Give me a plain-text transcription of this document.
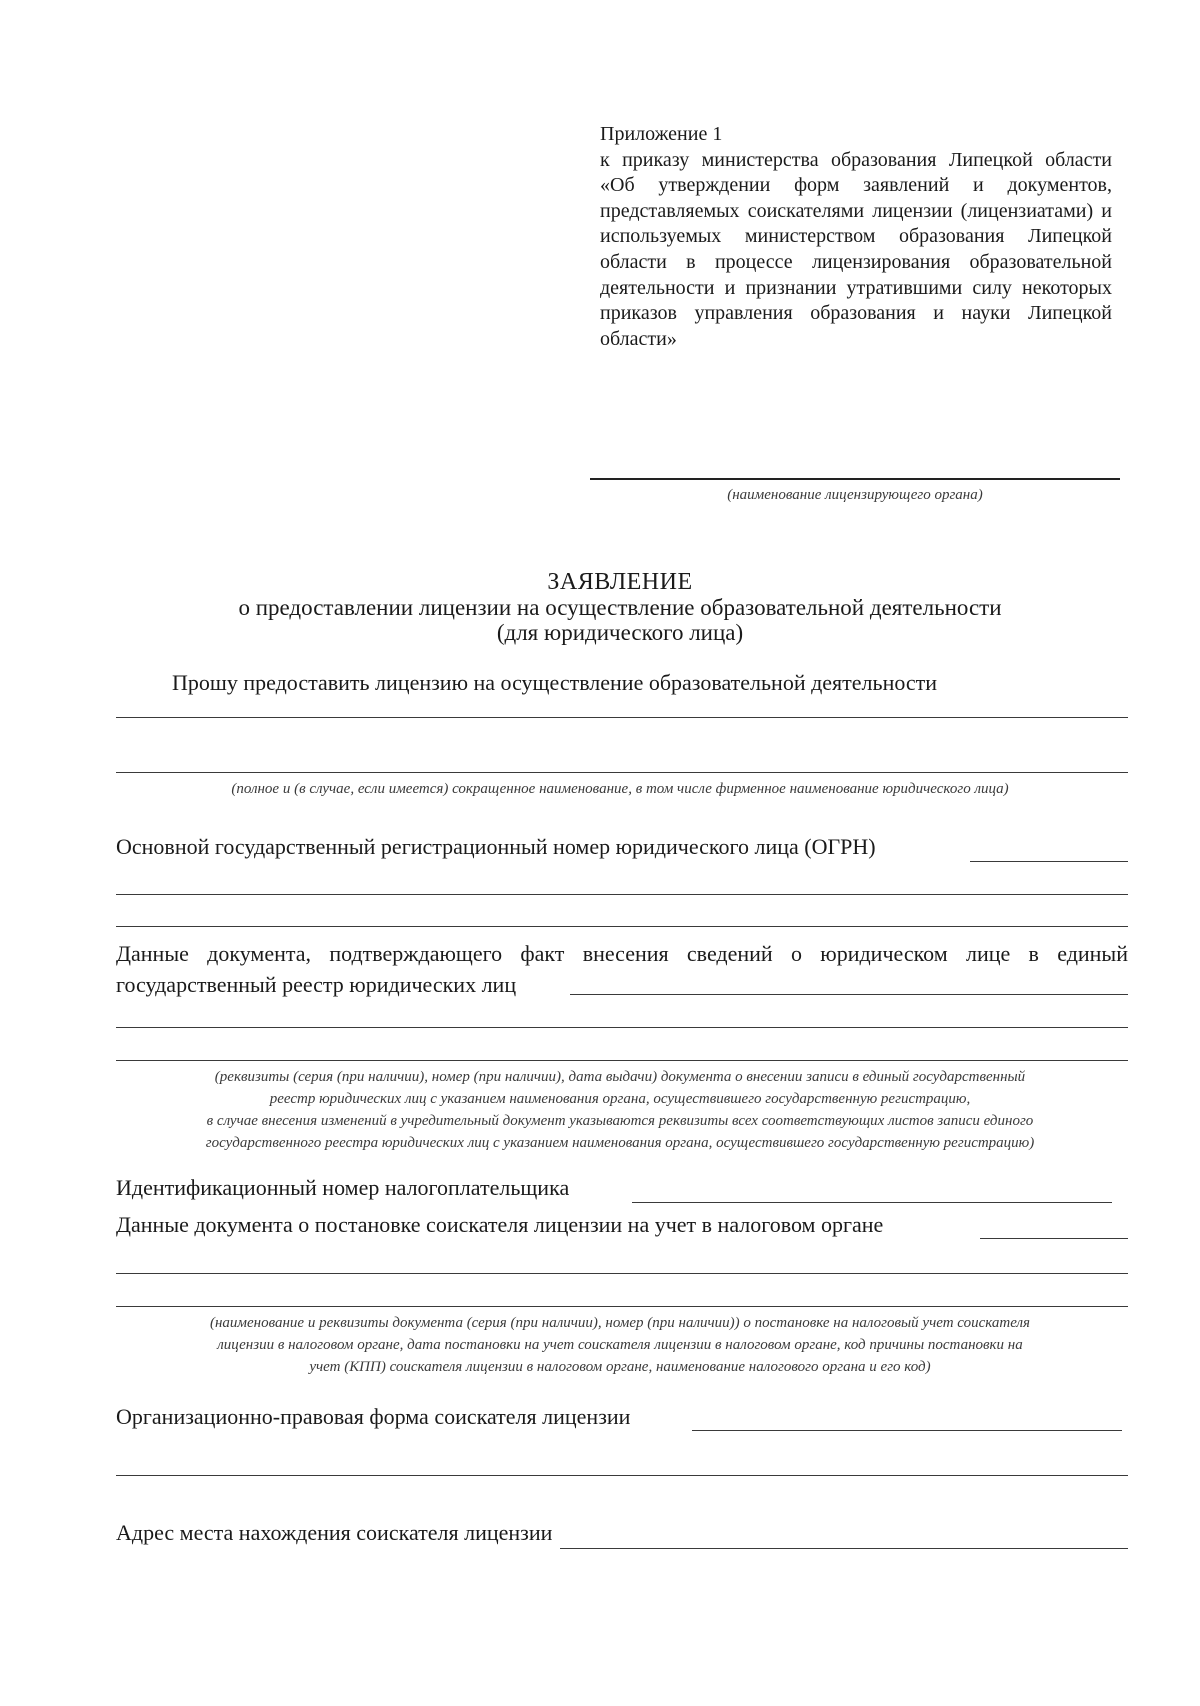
Приложение 1
к приказу министерства образования Липецкой области «Об утверждении форм заявлений и документов, представляемых соискателями лицензии (лицензиатами) и используемых министерством образования Липецкой области в процессе лицензирования образовательной деятельности и признании утратившими силу некоторых приказов управления образования и науки Липецкой области»
(наименование лицензирующего органа)
ЗАЯВЛЕНИЕ
о предоставлении лицензии на осуществление образовательной деятельности
(для юридического лица)
Прошу предоставить лицензию на осуществление образовательной деятельности
(полное и (в случае, если имеется) сокращенное наименование, в том числе фирменное наименование юридического лица)
Основной государственный регистрационный номер юридического лица (ОГРН)
Данные документа, подтверждающего факт внесения сведений о юридическом лице в единый
государственный реестр юридических лиц
(реквизиты (серия (при наличии), номер (при наличии), дата выдачи) документа о внесении записи в единый государственный
реестр юридических лиц с указанием наименования органа, осуществившего государственную регистрацию,
в случае внесения изменений в учредительный документ указываются реквизиты всех соответствующих листов записи единого
государственного реестра юридических лиц с указанием наименования органа, осуществившего государственную регистрацию)
Идентификационный номер налогоплательщика
Данные документа о постановке соискателя лицензии на учет в налоговом органе
(наименование и реквизиты документа (серия (при наличии), номер (при наличии)) о постановке на налоговый учет соискателя
лицензии в налоговом органе, дата постановки на учет соискателя лицензии в налоговом органе, код причины постановки на
учет (КПП) соискателя лицензии в налоговом органе, наименование налогового органа и его код)
Организационно-правовая форма соискателя лицензии
Адрес места нахождения соискателя лицензии
